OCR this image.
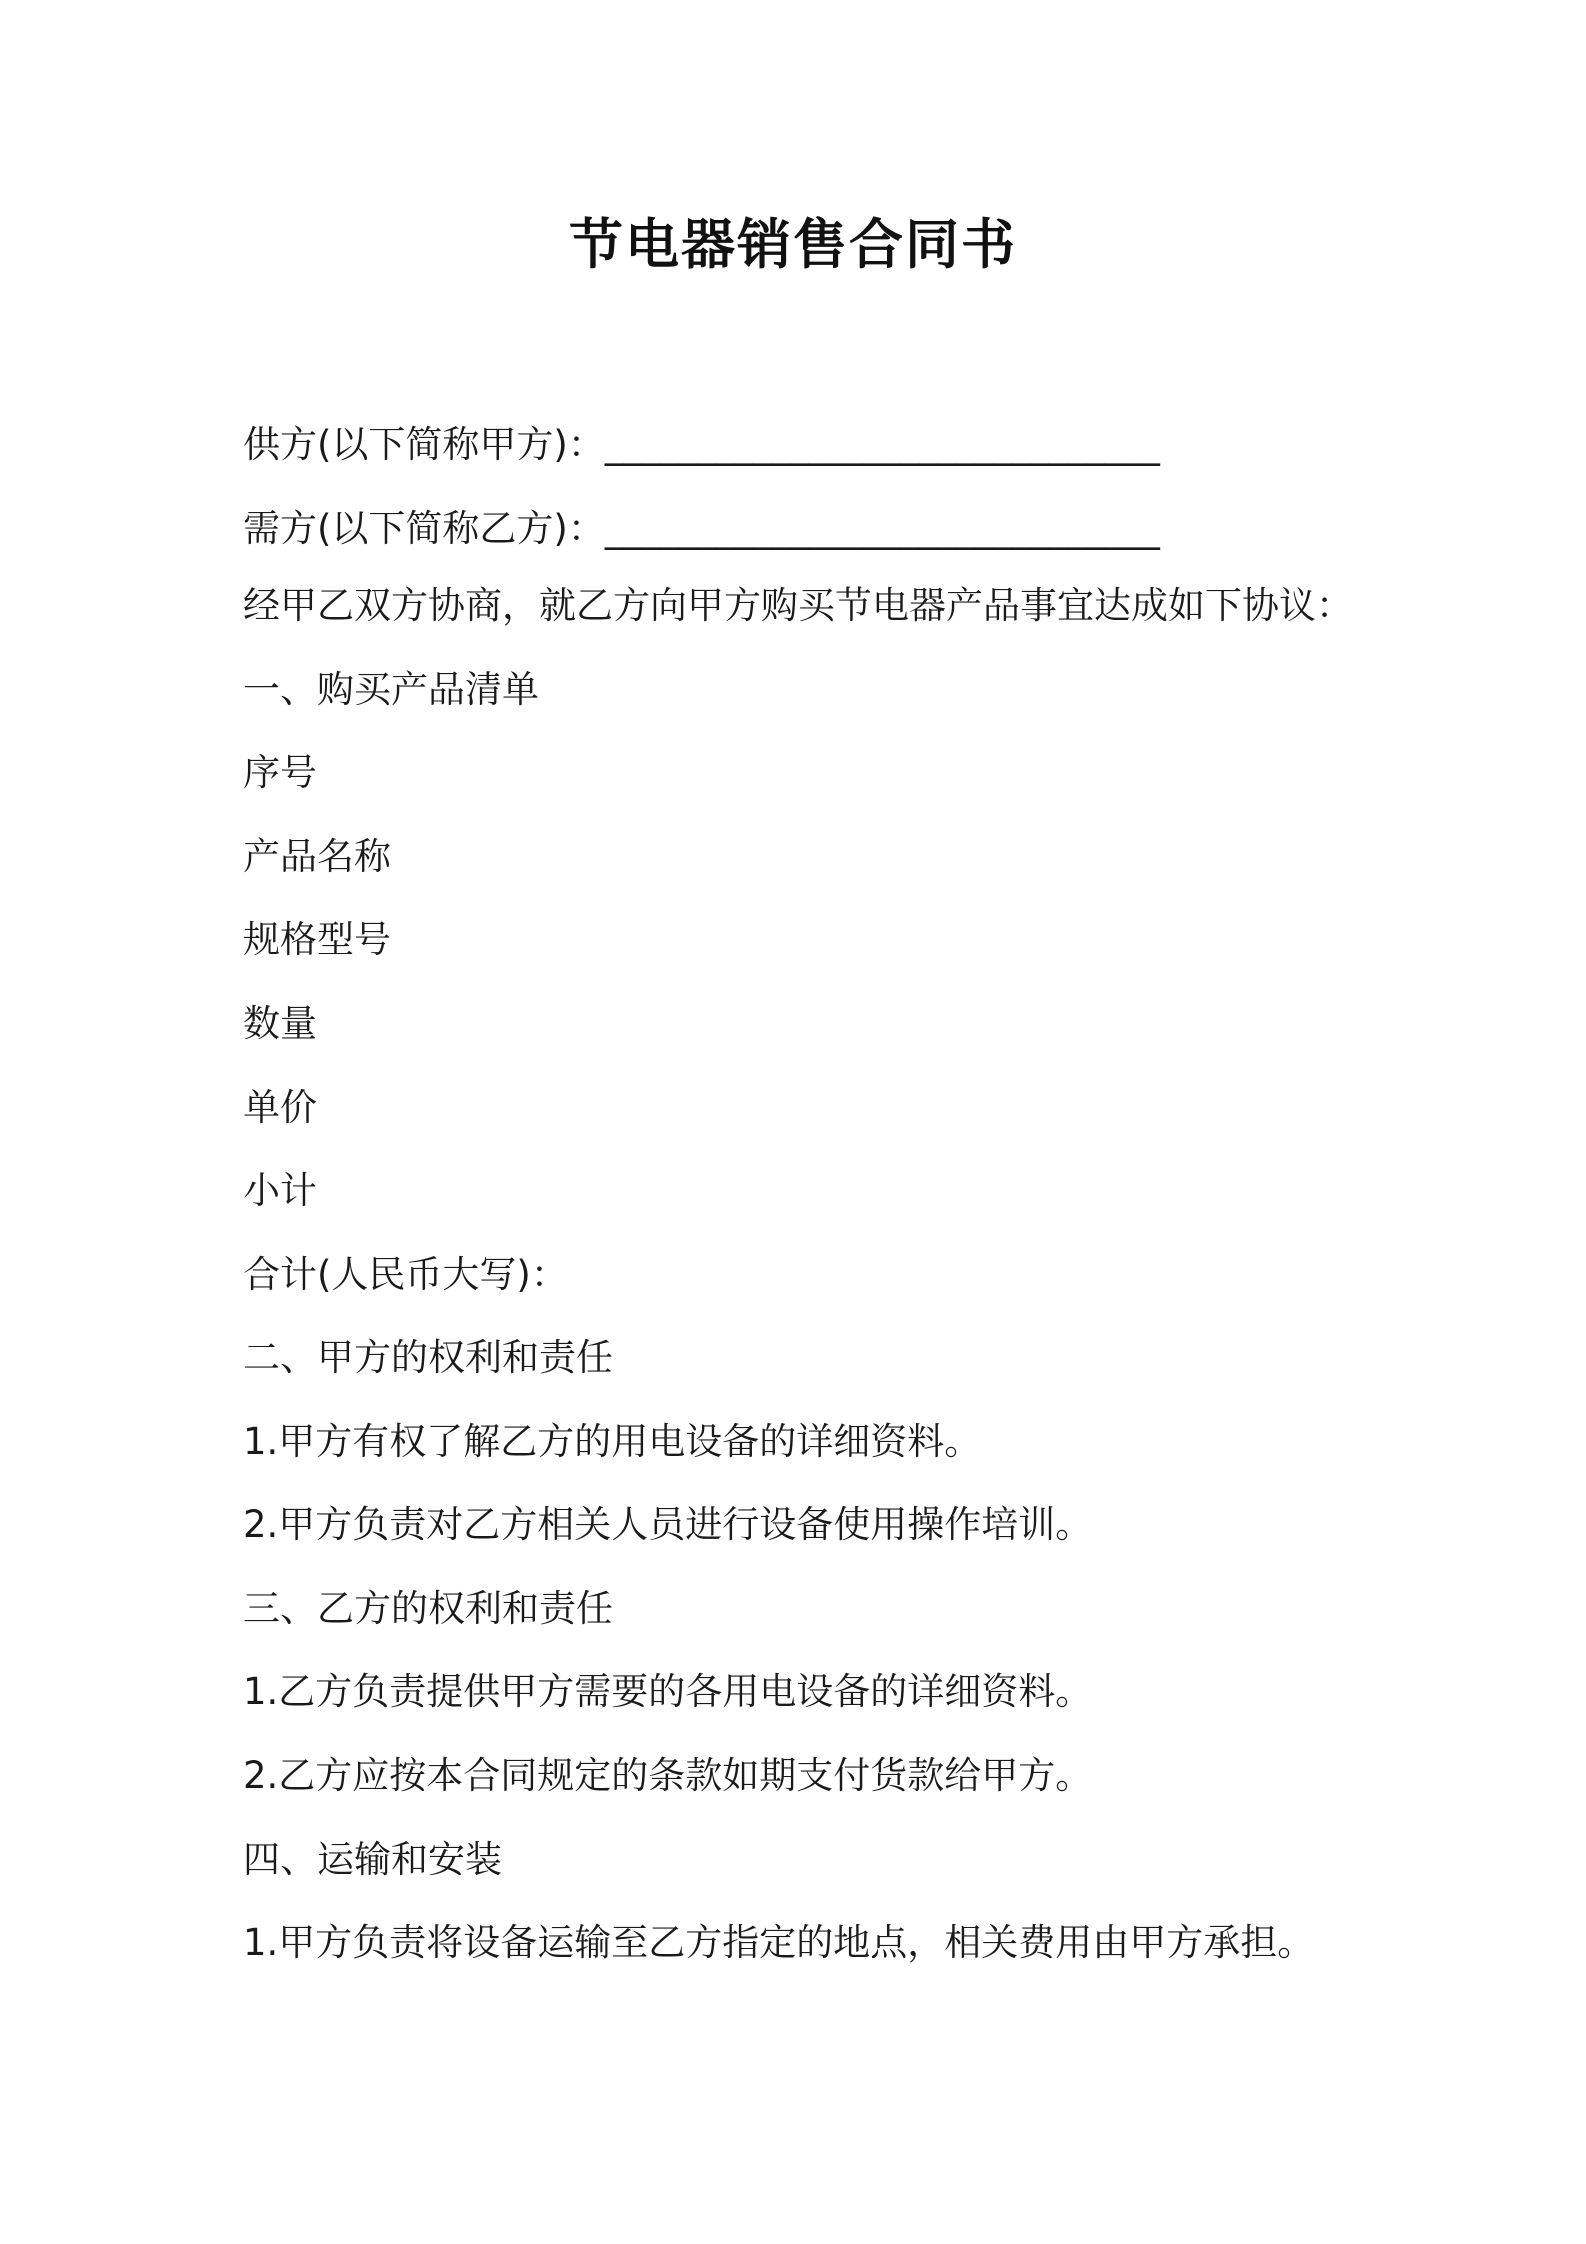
节电器销售合同书
供方(以下简称甲方)：______________________________
需方(以下简称乙方)：______________________________
经甲乙双方协商，就乙方向甲方购买节电器产品事宜达成如下协议：
一、购买产品清单
序号
产品名称
规格型号
数量
单价
小计
合计(人民币大写)：
二、甲方的权利和责任
1.甲方有权了解乙方的用电设备的详细资料。
2.甲方负责对乙方相关人员进行设备使用操作培训。
三、乙方的权利和责任
1.乙方负责提供甲方需要的各用电设备的详细资料。
2.乙方应按本合同规定的条款如期支付货款给甲方。
四、运输和安装
1.甲方负责将设备运输至乙方指定的地点，相关费用由甲方承担。
